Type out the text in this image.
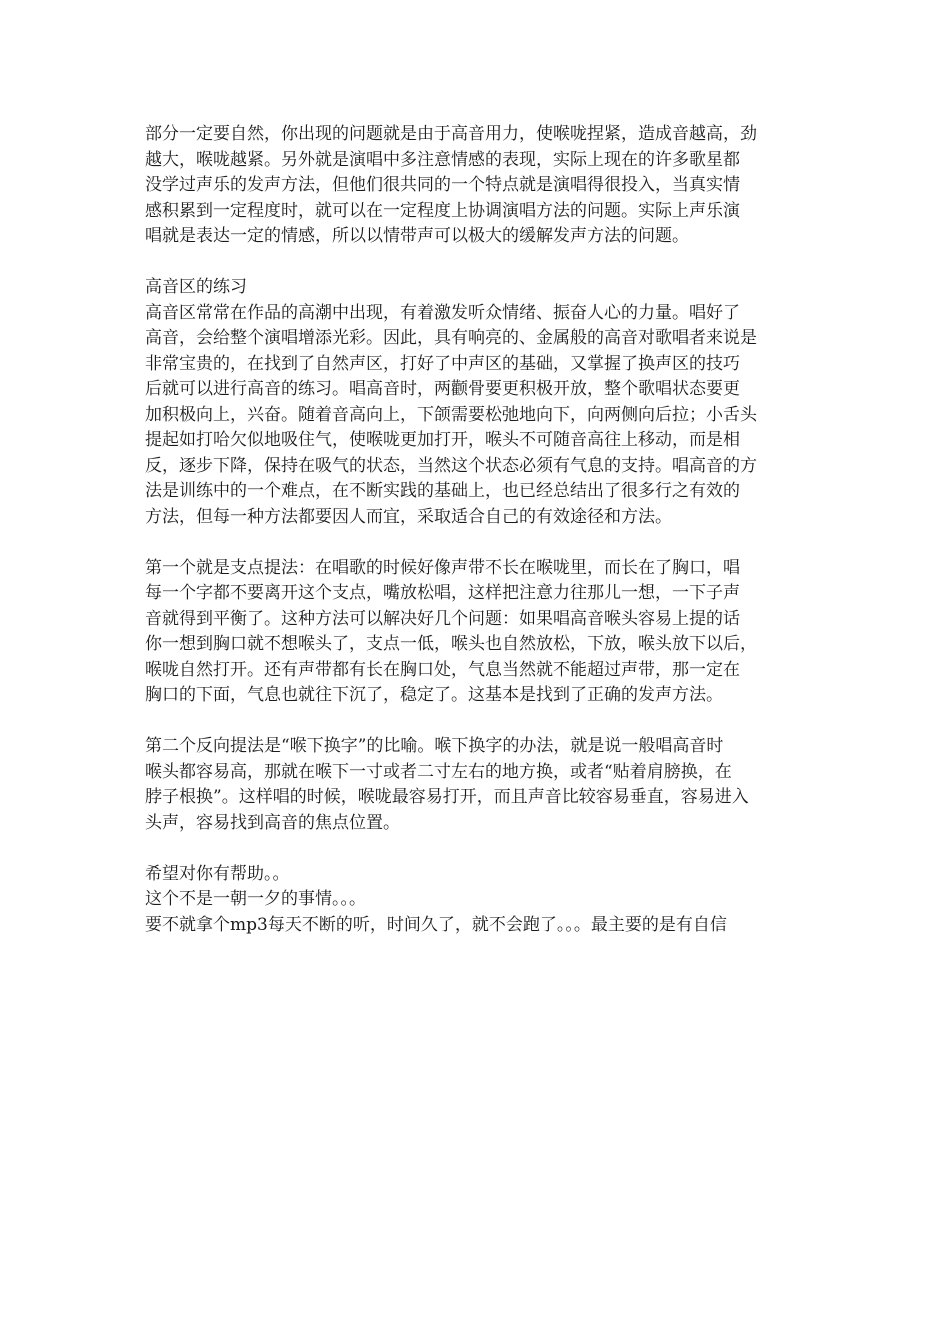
部分一定要自然，你出现的问题就是由于高音用力，使喉咙捏紧，造成音越高，劲
越大，喉咙越紧。另外就是演唱中多注意情感的表现，实际上现在的许多歌星都
没学过声乐的发声方法，但他们很共同的一个特点就是演唱得很投入，当真实情
感积累到一定程度时，就可以在一定程度上协调演唱方法的问题。实际上声乐演
唱就是表达一定的情感，所以以情带声可以极大的缓解发声方法的问题。
高音区的练习
高音区常常在作品的高潮中出现，有着激发听众情绪、振奋人心的力量。唱好了
高音，会给整个演唱增添光彩。因此，具有响亮的、金属般的高音对歌唱者来说是
非常宝贵的，在找到了自然声区，打好了中声区的基础，又掌握了换声区的技巧
后就可以进行高音的练习。唱高音时，两颧骨要更积极开放，整个歌唱状态要更
加积极向上，兴奋。随着音高向上，下颌需要松弛地向下，向两侧向后拉；小舌头
提起如打哈欠似地吸住气，使喉咙更加打开，喉头不可随音高往上移动，而是相
反，逐步下降，保持在吸气的状态，当然这个状态必须有气息的支持。唱高音的方
法是训练中的一个难点，在不断实践的基础上，也已经总结出了很多行之有效的
方法，但每一种方法都要因人而宜，采取适合自己的有效途径和方法。
第一个就是支点提法：在唱歌的时候好像声带不长在喉咙里，而长在了胸口，唱
每一个字都不要离开这个支点，嘴放松唱，这样把注意力往那儿一想，一下子声
音就得到平衡了。这种方法可以解决好几个问题：如果唱高音喉头容易上提的话
你一想到胸口就不想喉头了，支点一低，喉头也自然放松，下放，喉头放下以后，
喉咙自然打开。还有声带都有长在胸口处，气息当然就不能超过声带，那一定在
胸口的下面，气息也就往下沉了，稳定了。这基本是找到了正确的发声方法。
第二个反向提法是“喉下换字”的比喻。喉下换字的办法，就是说一般唱高音时
喉头都容易高，那就在喉下一寸或者二寸左右的地方换，或者“贴着肩膀换，在
脖子根换”。这样唱的时候，喉咙最容易打开，而且声音比较容易垂直，容易进入
头声，容易找到高音的焦点位置。
希望对你有帮助。。
这个不是一朝一夕的事情。。。
要不就拿个mp3每天不断的听，时间久了，就不会跑了。。。最主要的是有自信
